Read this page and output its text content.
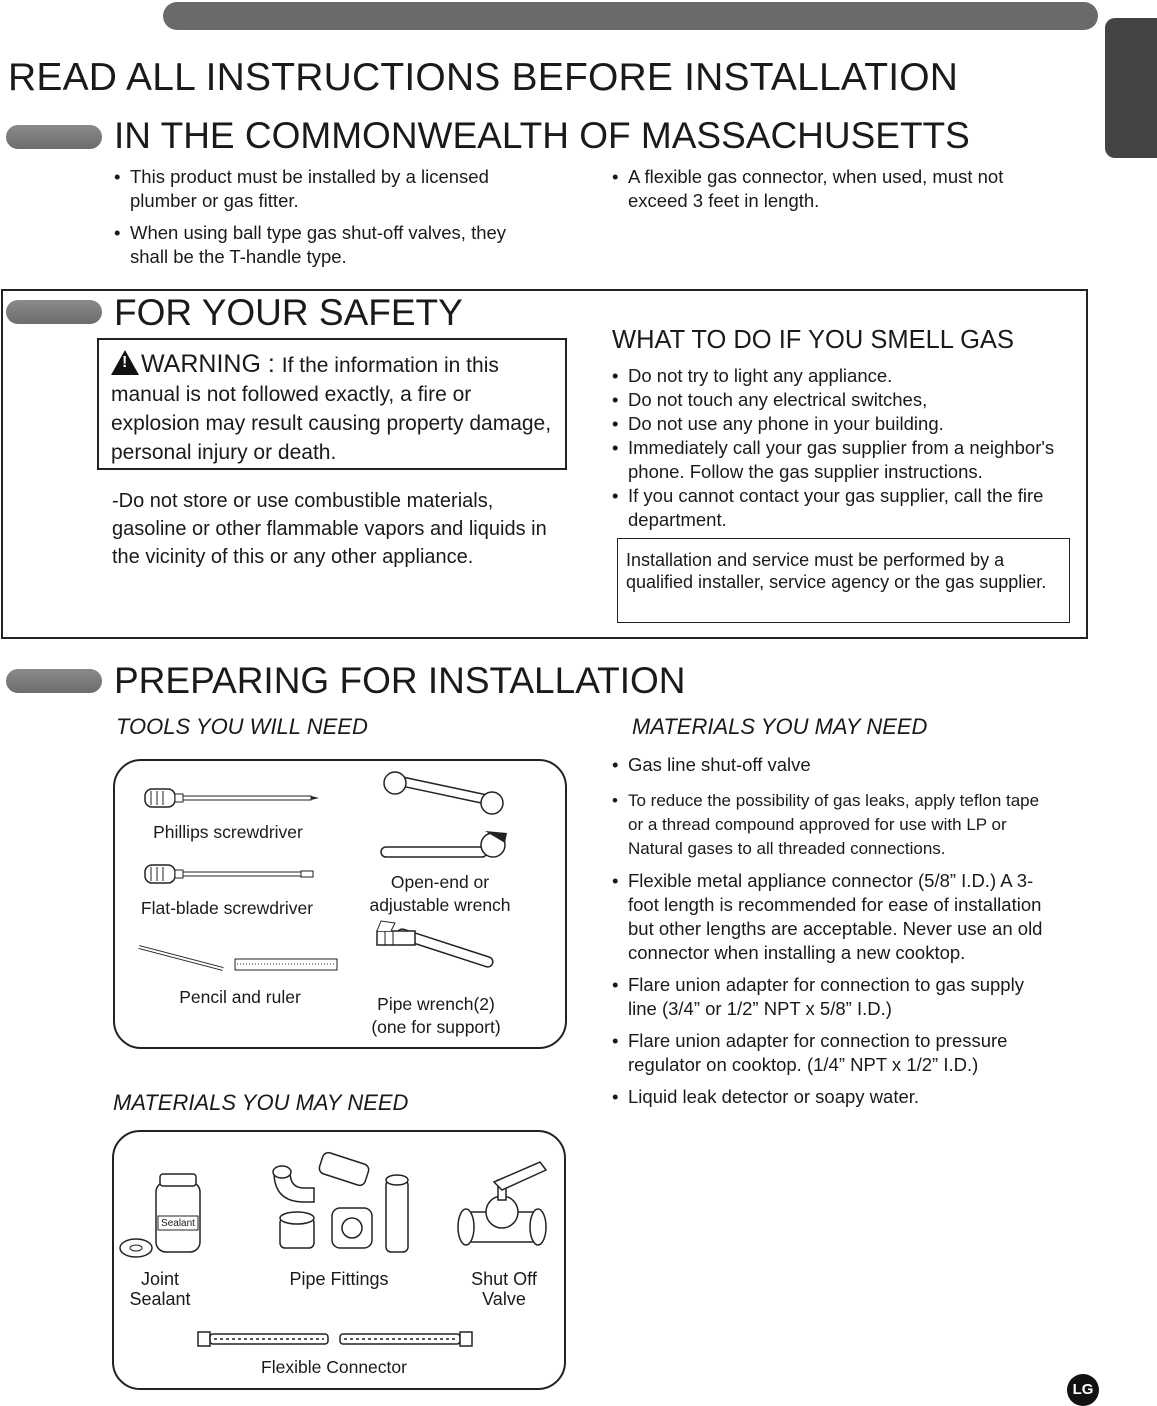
READ ALL INSTRUCTIONS BEFORE INSTALLATION
IN THE COMMONWEALTH OF MASSACHUSETTS
• This product must be installed by a licensed plumber or gas fitter.
• When using ball type gas shut-off valves, they shall be the T-handle type.
• A flexible gas connector, when used, must not exceed 3 feet in length.
FOR YOUR SAFETY
! WARNING : If the information in this manual is not followed exactly, a fire or explosion may result causing property damage, personal injury or death.
-Do not store or use combustible materials, gasoline or other flammable vapors and liquids in the vicinity of this or any other appliance.
WHAT TO DO IF YOU SMELL GAS
• Do not try to light any appliance.
• Do not touch any electrical switches,
• Do not use any phone in your building.
• Immediately call your gas supplier from a neighbor's phone. Follow the gas supplier instructions.
• If you cannot contact your gas supplier, call the fire department.
Installation and service must be performed by a qualified installer, service agency or the gas supplier.
PREPARING FOR INSTALLATION
TOOLS YOU WILL NEED	MATERIALS YOU MAY NEED
Phillips screwdriver
Flat-blade screwdriver
Pencil and ruler
Open-end or
adjustable wrench
Pipe wrench(2)
(one for support)
MATERIALS YOU MAY NEED
Sealant
Joint
Sealant
Pipe Fittings	Shut Off
Valve
Flexible Connector
• Gas line shut-off valve
• To reduce the possibility of gas leaks, apply teflon tape or a thread compound approved for use with LP or Natural gases to all threaded connections.
• Flexible metal appliance connector (5/8” I.D.) A 3-foot length is recommended for ease of installation but other lengths are acceptable. Never use an old connector when installing a new cooktop.
• Flare union adapter for connection to gas supply line (3/4” or 1/2” NPT x 5/8” I.D.)
• Flare union adapter for connection to pressure regulator on cooktop. (1/4” NPT x 1/2” I.D.)
• Liquid leak detector or soapy water.
LG
